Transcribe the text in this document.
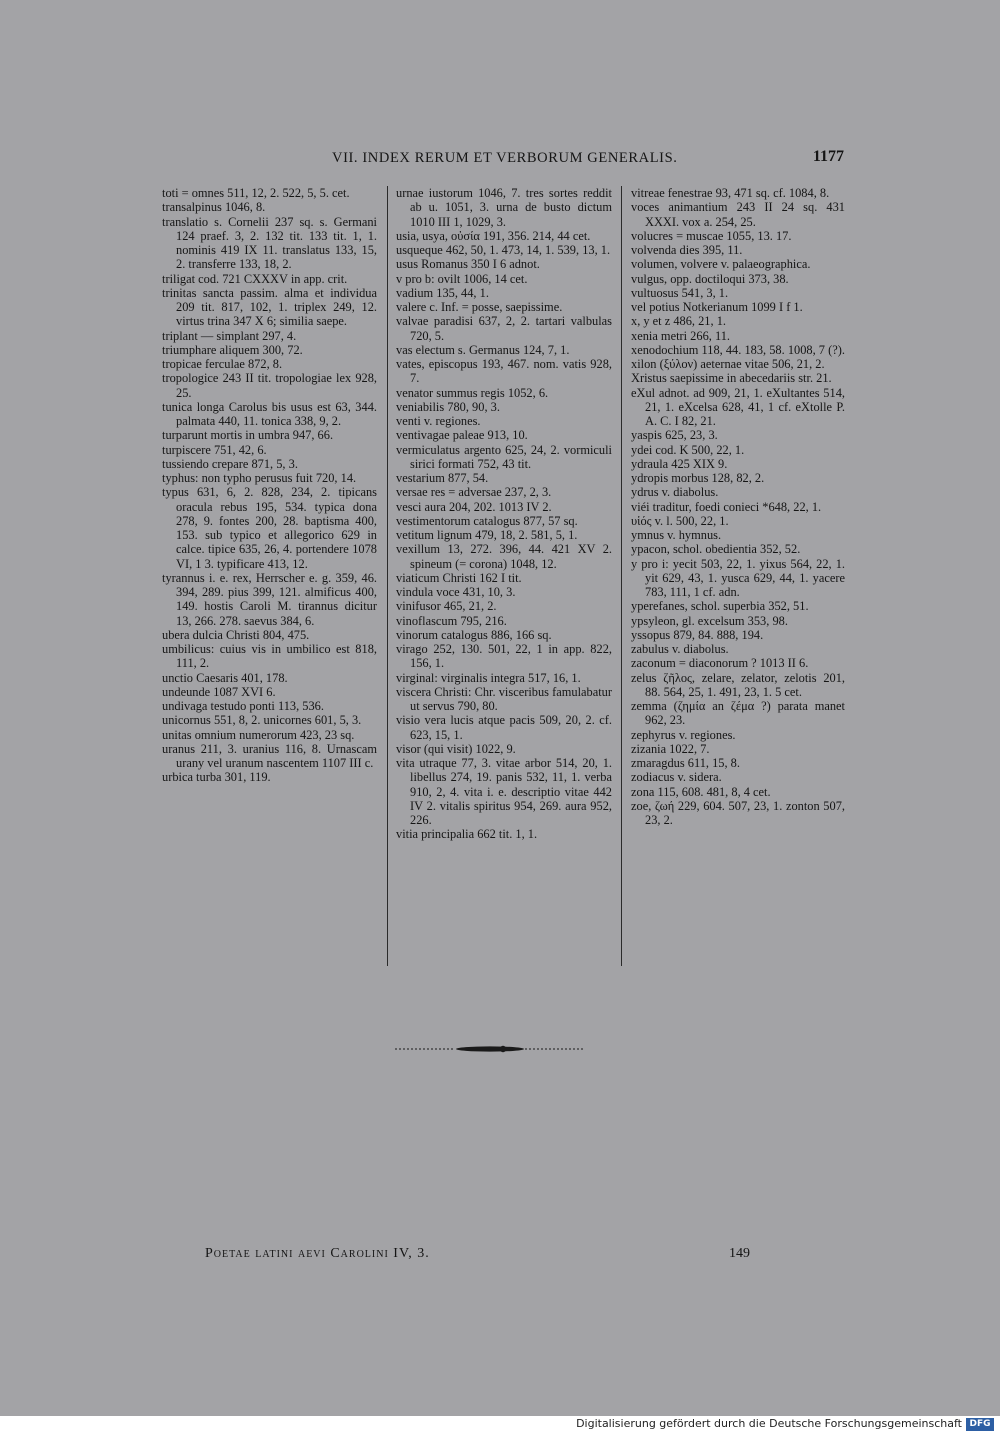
VII. INDEX RERUM ET VERBORUM GENERALIS.	1177

toti = omnes 511, 12, 2. 522, 5, 5. cet.

transalpinus 1046, 8.

translatio s. Cornelii 237 sq. s. Germani 124 praef. 3, 2. 132 tit. 133 tit. 1, 1. nominis 419 IX 11. translatus 133, 15, 2. transferre 133, 18, 2.

triligat cod. 721 CXXXV in app. crit.

trinitas sancta passim. alma et individua 209 tit. 817, 102, 1. triplex 249, 12. virtus trina 347 X 6; similia saepe.

triplant — simplant 297, 4.

triumphare aliquem 300, 72.

tropicae ferculae 872, 8.

tropologice 243 II tit. tropologiae lex 928, 25.

tunica longa Carolus bis usus est 63, 344. palmata 440, 11. tonica 338, 9, 2.

turparunt mortis in umbra 947, 66.

turpiscere 751, 42, 6.

tussiendo crepare 871, 5, 3.

typhus: non typho perusus fuit 720, 14.

typus 631, 6, 2. 828, 234, 2. tipicans oracula rebus 195, 534. typica dona 278, 9. fontes 200, 28. baptisma 400, 153. sub typico et allegorico 629 in calce. tipice 635, 26, 4. portendere 1078 VI, 1 3. typificare 413, 12.

tyrannus i. e. rex, Herrscher e. g. 359, 46. 394, 289. pius 399, 121. almificus 400, 149. hostis Caroli M. tirannus dicitur 13, 266. 278. saevus 384, 6.

ubera dulcia Christi 804, 475.

umbilicus: cuius vis in umbilico est 818, 111, 2.

unctio Caesaris 401, 178.

undeunde 1087 XVI 6.

undivaga testudo ponti 113, 536.

unicornus 551, 8, 2. unicornes 601, 5, 3.

unitas omnium numerorum 423, 23 sq.

uranus 211, 3. uranius 116, 8. Urnascam urany vel uranum nascentem 1107 III c.

urbica turba 301, 119.

urnae iustorum 1046, 7. tres sortes reddit ab u. 1051, 3. urna de busto dictum 1010 III 1, 1029, 3.

usia, usya, οὐσία 191, 356. 214, 44 cet.

usqueque 462, 50, 1. 473, 14, 1. 539, 13, 1.

usus Romanus 350 I 6 adnot.

v pro b: ovilt 1006, 14 cet.

vadium 135, 44, 1.

valere c. Inf. = posse, saepissime.

valvae paradisi 637, 2, 2. tartari valbulas 720, 5.

vas electum s. Germanus 124, 7, 1.

vates, episcopus 193, 467. nom. vatis 928, 7.

venator summus regis 1052, 6.

veniabilis 780, 90, 3.

venti v. regiones.

ventivagae paleae 913, 10.

vermiculatus argento 625, 24, 2. vormiculi sirici formati 752, 43 tit.

vestarium 877, 54.

versae res = adversae 237, 2, 3.

vesci aura 204, 202. 1013 IV 2.

vestimentorum catalogus 877, 57 sq.

vetitum lignum 479, 18, 2. 581, 5, 1.

vexillum 13, 272. 396, 44. 421 XV 2. spineum (= corona) 1048, 12.

viaticum Christi 162 I tit.

vindula voce 431, 10, 3.

vinifusor 465, 21, 2.

vinoflascum 795, 216.

vinorum catalogus 886, 166 sq.

virago 252, 130. 501, 22, 1 in app. 822, 156, 1.

virginal: virginalis integra 517, 16, 1.

viscera Christi: Chr. visceribus famulabatur ut servus 790, 80.

visio vera lucis atque pacis 509, 20, 2. cf. 623, 15, 1.

visor (qui visit) 1022, 9.

vita utraque 77, 3. vitae arbor 514, 20, 1. libellus 274, 19. panis 532, 11, 1. verba 910, 2, 4. vita i. e. descriptio vitae 442 IV 2. vitalis spiritus 954, 269. aura 952, 226.

vitia principalia 662 tit. 1, 1.

vitreae fenestrae 93, 471 sq. cf. 1084, 8.

voces animantium 243 II 24 sq. 431 XXXI. vox a. 254, 25.

volucres = muscae 1055, 13. 17.

volvenda dies 395, 11.

volumen, volvere v. palaeographica.

vulgus, opp. doctiloqui 373, 38.

vultuosus 541, 3, 1.

vel potius Notkerianum 1099 I f 1.

x, y et z 486, 21, 1.

xenia metri 266, 11.

xenodochium 118, 44. 183, 58. 1008, 7 (?).

xilon (ξύλον) aeternae vitae 506, 21, 2.

Xristus saepissime in abecedariis str. 21.

eXul adnot. ad 909, 21, 1. eXultantes 514, 21, 1. eXcelsa 628, 41, 1 cf. eXtolle P. A. C. I 82, 21.

yaspis 625, 23, 3.

ydei cod. K 500, 22, 1.

ydraula 425 XIX 9.

ydropis morbus 128, 82, 2.

ydrus v. diabolus.

viéi traditur, foedi conieci *648, 22, 1.

υἱός v. l. 500, 22, 1.

ymnus v. hymnus.

ypacon, schol. obedientia 352, 52.

y pro i: yecit 503, 22, 1. yixus 564, 22, 1. yit 629, 43, 1. yusca 629, 44, 1. yacere 783, 111, 1 cf. adn.

yperefanes, schol. superbia 352, 51.

ypsyleon, gl. excelsum 353, 98.

yssopus 879, 84. 888, 194.

zabulus v. diabolus.

zaconum = diaconorum ? 1013 II 6.

zelus ζῆλος, zelare, zelator, zelotis 201, 88. 564, 25, 1. 491, 23, 1. 5 cet.

zemma (ζημία an ζέμα ?) parata manet 962, 23.

zephyrus v. regiones.

zizania 1022, 7.

zmaragdus 611, 15, 8.

zodiacus v. sidera.

zona 115, 608. 481, 8, 4 cet.

zoe, ζωή 229, 604. 507, 23, 1. zonton 507, 23, 2.

Poetae latini aevi Carolini IV, 3.	149
Digitalisierung gefördert durch die Deutsche Forschungsgemeinschaft DFG
